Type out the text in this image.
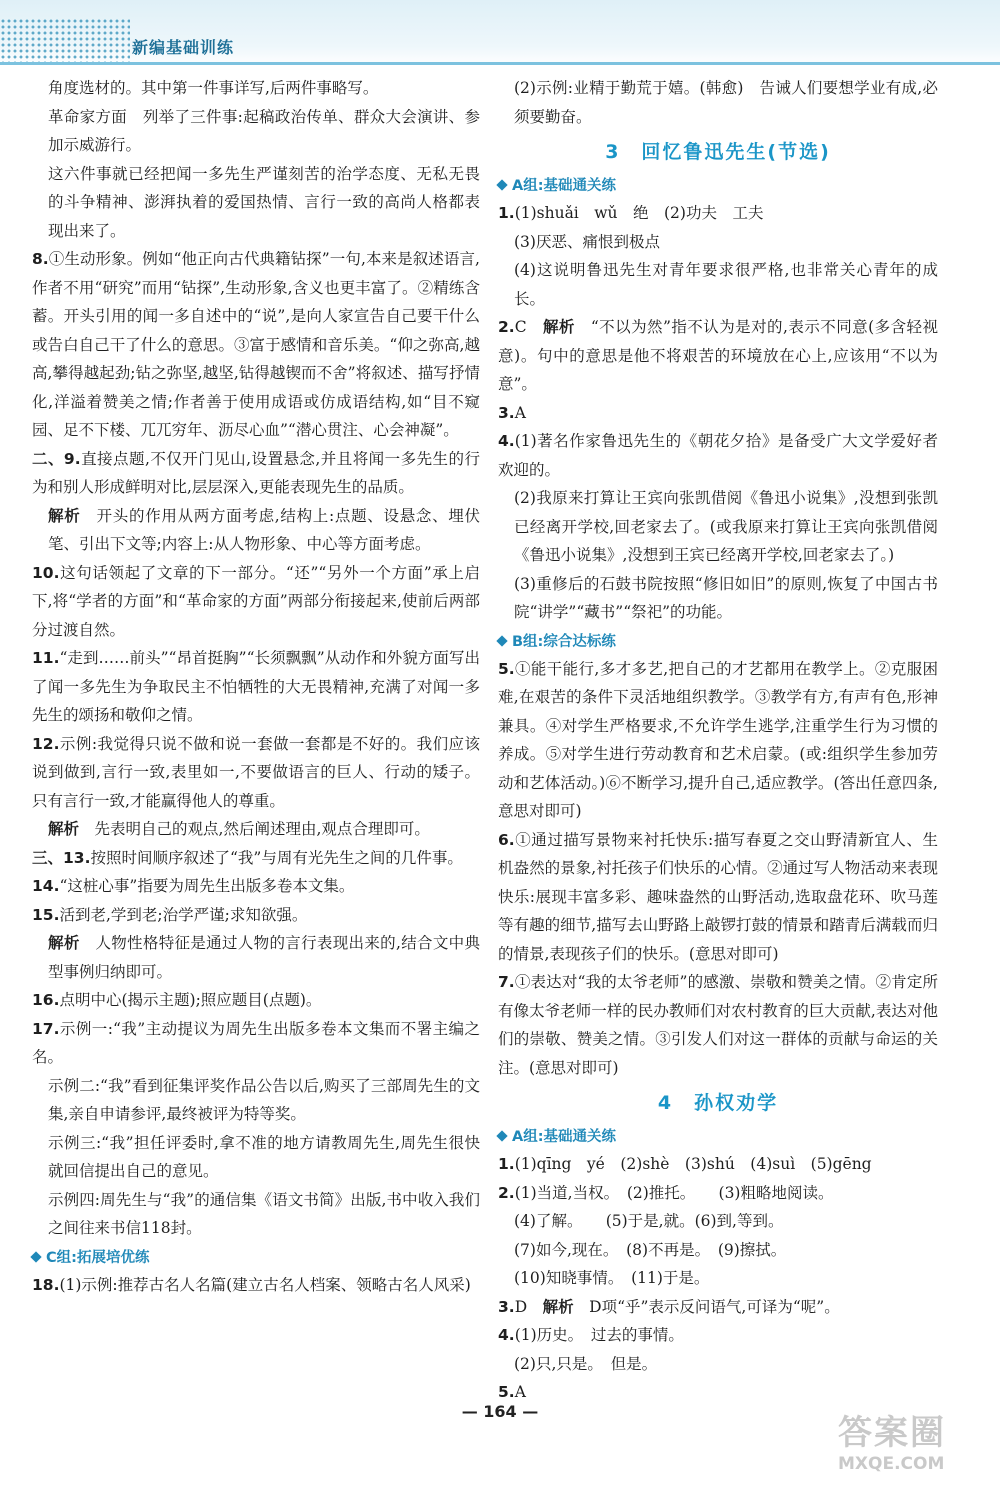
新编基础训练

角度选材的。其中第一件事详写,后两件事略写。

革命家方面　列举了三件事:起稿政治传单、群众大会演讲、参加示威游行。

这六件事就已经把闻一多先生严谨刻苦的治学态度、无私无畏的斗争精神、澎湃执着的爱国热情、言行一致的高尚人格都表现出来了。

8.①生动形象。例如“他正向古代典籍钻探”一句,本来是叙述语言,作者不用“研究”而用“钻探”,生动形象,含义也更丰富了。②精练含蓄。开头引用的闻一多自述中的“说”,是向人家宣告自己要干什么或告白自己干了什么的意思。③富于感情和音乐美。“仰之弥高,越高,攀得越起劲;钻之弥坚,越坚,钻得越锲而不舍”将叙述、描写抒情化,洋溢着赞美之情;作者善于使用成语或仿成语结构,如“目不窥园、足不下楼、兀兀穷年、沥尽心血”“潜心贯注、心会神凝”。

二、9.直接点题,不仅开门见山,设置悬念,并且将闻一多先生的行为和别人形成鲜明对比,层层深入,更能表现先生的品质。

解析　 开头的作用从两方面考虑,结构上:点题、设悬念、埋伏笔、引出下文等;内容上:从人物形象、中心等方面考虑。

10.这句话领起了文章的下一部分。“还”“另外一个方面”承上启下,将“学者的方面”和“革命家的方面”两部分衔接起来,使前后两部分过渡自然。

11.“走到……前头”“昂首挺胸”“长须飘飘”从动作和外貌方面写出了闻一多先生为争取民主不怕牺牲的大无畏精神,充满了对闻一多先生的颂扬和敬仰之情。

12.示例:我觉得只说不做和说一套做一套都是不好的。我们应该说到做到,言行一致,表里如一,不要做语言的巨人、行动的矮子。只有言行一致,才能赢得他人的尊重。

解析　 先表明自己的观点,然后阐述理由,观点合理即可。

三、13.按照时间顺序叙述了“我”与周有光先生之间的几件事。

14.“这桩心事”指要为周先生出版多卷本文集。

15.活到老,学到老;治学严谨;求知欲强。

解析　 人物性格特征是通过人物的言行表现出来的,结合文中典型事例归纳即可。

16.点明中心(揭示主题);照应题目(点题)。

17.示例一:“我”主动提议为周先生出版多卷本文集而不署主编之名。

示例二:“我”看到征集评奖作品公告以后,购买了三部周先生的文集,亲自申请参评,最终被评为特等奖。

示例三:“我”担任评委时,拿不准的地方请教周先生,周先生很快就回信提出自己的意见。

示例四:周先生与“我”的通信集《语文书简》出版,书中收入我们之间往来书信118封。

C组:拓展培优练

18.(1)示例:推荐古名人名篇(建立古名人档案、领略古名人风采)

(2)示例:业精于勤荒于嬉。(韩愈)　告诫人们要想学业有成,必须要勤奋。

3　回忆鲁迅先生(节选)
A组:基础通关练

1.(1)shuǎi　wǔ　绝　(2)功夫　工夫

(3)厌恶、痛恨到极点

(4)这说明鲁迅先生对青年要求很严格,也非常关心青年的成长。

2.C　解析　 “不以为然”指不认为是对的,表示不同意(多含轻视意)。句中的意思是他不将艰苦的环境放在心上,应该用“不以为意”。

3.A

4.(1)著名作家鲁迅先生的《朝花夕拾》是备受广大文学爱好者欢迎的。

(2)我原来打算让王宾向张凯借阅《鲁迅小说集》,没想到张凯已经离开学校,回老家去了。(或我原来打算让王宾向张凯借阅《鲁迅小说集》,没想到王宾已经离开学校,回老家去了。)

(3)重修后的石鼓书院按照“修旧如旧”的原则,恢复了中国古书院“讲学”“藏书”“祭祀”的功能。

B组:综合达标练

5.①能干能行,多才多艺,把自己的才艺都用在教学上。②克服困难,在艰苦的条件下灵活地组织教学。③教学有方,有声有色,形神兼具。④对学生严格要求,不允许学生逃学,注重学生行为习惯的养成。⑤对学生进行劳动教育和艺术启蒙。(或:组织学生参加劳动和艺体活动。)⑥不断学习,提升自己,适应教学。(答出任意四条,意思对即可)

6.①通过描写景物来衬托快乐:描写春夏之交山野清新宜人、生机盎然的景象,衬托孩子们快乐的心情。②通过写人物活动来表现快乐:展现丰富多彩、趣味盎然的山野活动,选取盘花环、吹马莲等有趣的细节,描写去山野路上敲锣打鼓的情景和踏青后满载而归的情景,表现孩子们的快乐。(意思对即可)

7.①表达对“我的太爷老师”的感激、崇敬和赞美之情。②肯定所有像太爷老师一样的民办教师们对农村教育的巨大贡献,表达对他们的崇敬、赞美之情。③引发人们对这一群体的贡献与命运的关注。(意思对即可)

4　孙权劝学
A组:基础通关练

1.(1)qīng　yé　(2)shè　(3)shú　(4)suì　(5)gēng

2.(1)当道,当权。　(2)推托。　　(3)粗略地阅读。

(4)了解。　　(5)于是,就。(6)到,等到。

(7)如今,现在。　(8)不再是。　(9)擦拭。

(10)知晓事情。　(11)于是。

3.D　解析　 D项“乎”表示反问语气,可译为“呢”。

4.(1)历史。　过去的事情。

(2)只,只是。　但是。

5.A

— 164 —
答案圈
MXQE.COM
